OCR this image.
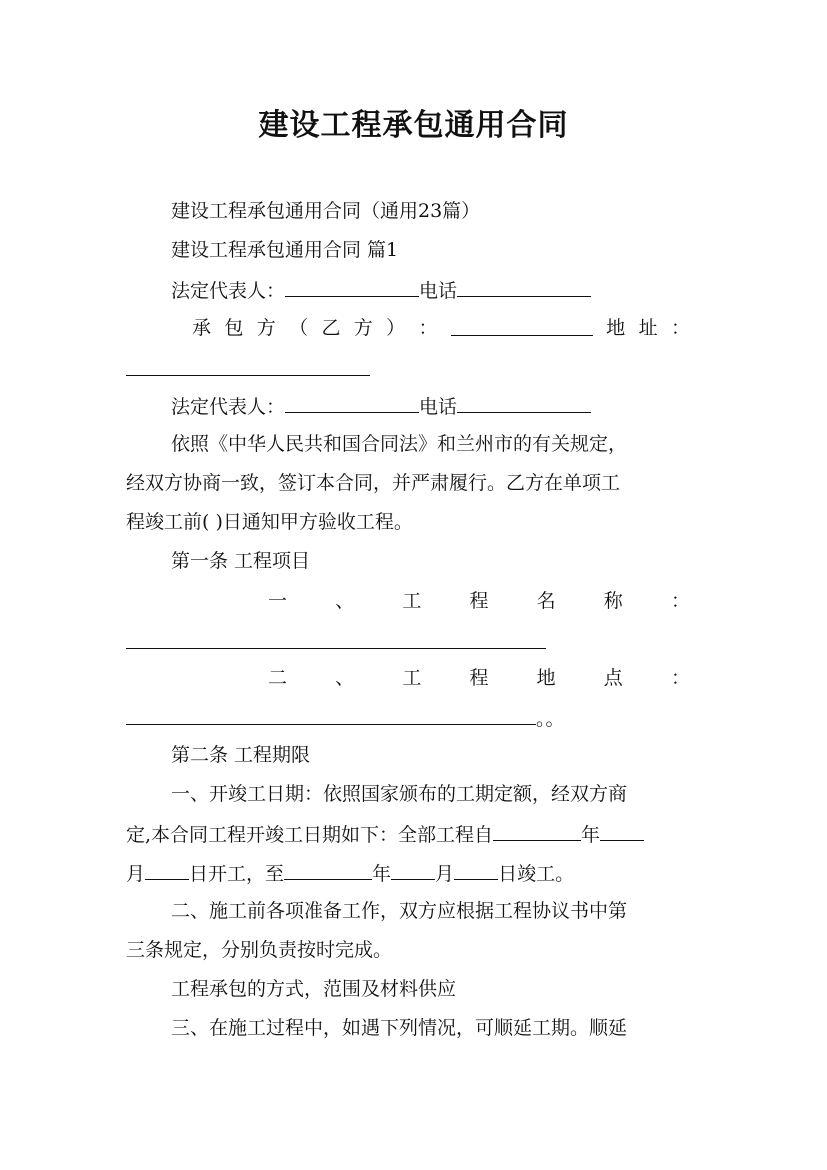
建设工程承包通用合同
建设工程承包通用合同（通用23篇）
建设工程承包通用合同 篇1
法定代表人：	电话
承 包 方 （ 乙 方 ） ：	地 址 ：
法定代表人：	电话
依照《中华人民共和国合同法》和兰州市的有关规定，
经双方协商一致，签订本合同，并严肃履行。乙方在单项工
程竣工前( )日通知甲方验收工程。
第一条 工程项目
一	、	工	程	名	称	：
二	、	工	程	地	点	：
。。
第二条 工程期限
一、开竣工日期：依照国家颁布的工期定额，经双方商
定,本合同工程开竣工日期如下：全部工程自	年
月 日开工，至	年 月 日竣工。
二、施工前各项准备工作，双方应根据工程协议书中第
三条规定，分别负责按时完成。
工程承包的方式，范围及材料供应
三、在施工过程中，如遇下列情况，可顺延工期。顺延
